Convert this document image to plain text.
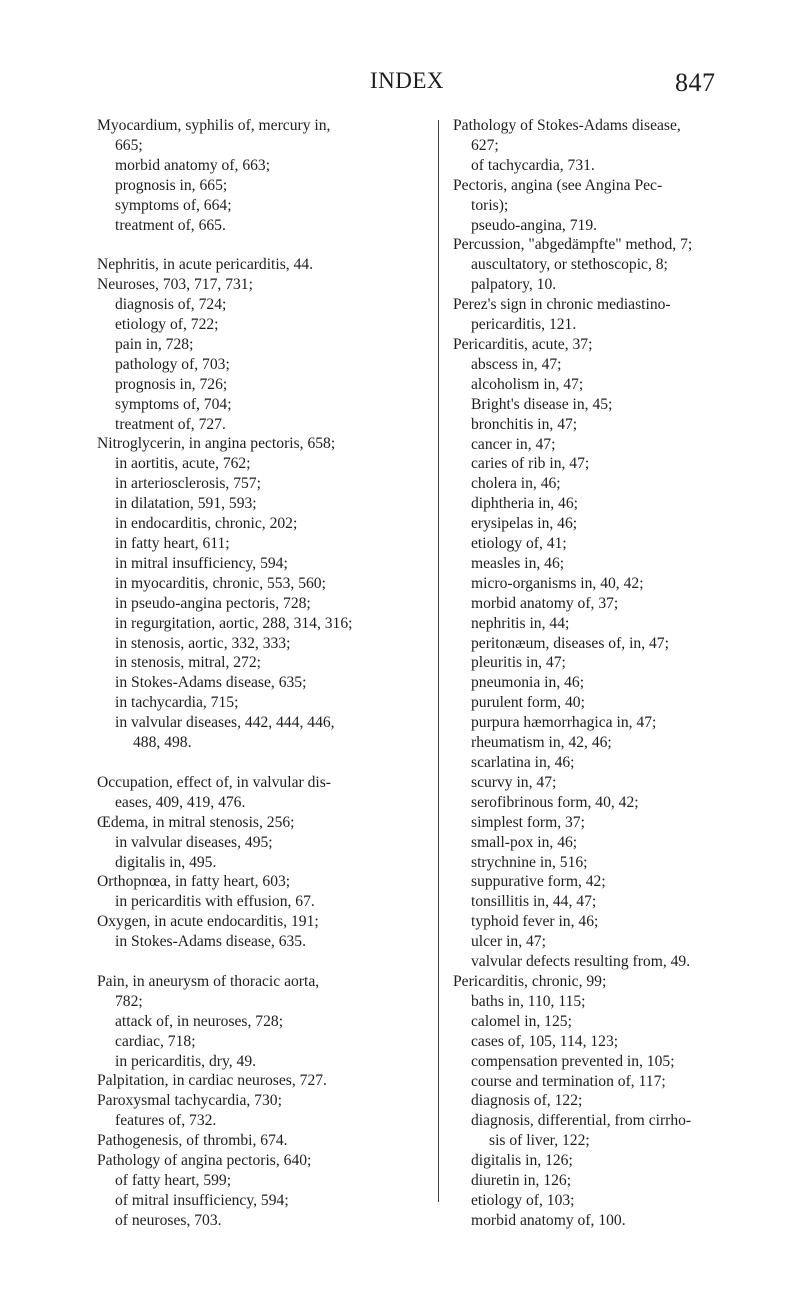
INDEX	847
Myocardium, syphilis of, mercury in,
665;
morbid anatomy of, 663;
prognosis in, 665;
symptoms of, 664;
treatment of, 665.
Nephritis, in acute pericarditis, 44.
Neuroses, 703, 717, 731;
diagnosis of, 724;
etiology of, 722;
pain in, 728;
pathology of, 703;
prognosis in, 726;
symptoms of, 704;
treatment of, 727.
Nitroglycerin, in angina pectoris, 658;
in aortitis, acute, 762;
in arteriosclerosis, 757;
in dilatation, 591, 593;
in endocarditis, chronic, 202;
in fatty heart, 611;
in mitral insufficiency, 594;
in myocarditis, chronic, 553, 560;
in pseudo-angina pectoris, 728;
in regurgitation, aortic, 288, 314, 316;
in stenosis, aortic, 332, 333;
in stenosis, mitral, 272;
in Stokes-Adams disease, 635;
in tachycardia, 715;
in valvular diseases, 442, 444, 446,
488, 498.
Occupation, effect of, in valvular dis-
eases, 409, 419, 476.
Œdema, in mitral stenosis, 256;
in valvular diseases, 495;
digitalis in, 495.
Orthopnœa, in fatty heart, 603;
in pericarditis with effusion, 67.
Oxygen, in acute endocarditis, 191;
in Stokes-Adams disease, 635.
Pain, in aneurysm of thoracic aorta,
782;
attack of, in neuroses, 728;
cardiac, 718;
in pericarditis, dry, 49.
Palpitation, in cardiac neuroses, 727.
Paroxysmal tachycardia, 730;
features of, 732.
Pathogenesis, of thrombi, 674.
Pathology of angina pectoris, 640;
of fatty heart, 599;
of mitral insufficiency, 594;
of neuroses, 703.
Pathology of Stokes-Adams disease,
627;
of tachycardia, 731.
Pectoris, angina (see Angina Pec-
toris);
pseudo-angina, 719.
Percussion, "abgedämpfte" method, 7;
auscultatory, or stethoscopic, 8;
palpatory, 10.
Perez's sign in chronic mediastino-
pericarditis, 121.
Pericarditis, acute, 37;
abscess in, 47;
alcoholism in, 47;
Bright's disease in, 45;
bronchitis in, 47;
cancer in, 47;
caries of rib in, 47;
cholera in, 46;
diphtheria in, 46;
erysipelas in, 46;
etiology of, 41;
measles in, 46;
micro-organisms in, 40, 42;
morbid anatomy of, 37;
nephritis in, 44;
peritonæum, diseases of, in, 47;
pleuritis in, 47;
pneumonia in, 46;
purulent form, 40;
purpura hæmorrhagica in, 47;
rheumatism in, 42, 46;
scarlatina in, 46;
scurvy in, 47;
serofibrinous form, 40, 42;
simplest form, 37;
small-pox in, 46;
strychnine in, 516;
suppurative form, 42;
tonsillitis in, 44, 47;
typhoid fever in, 46;
ulcer in, 47;
valvular defects resulting from, 49.
Pericarditis, chronic, 99;
baths in, 110, 115;
calomel in, 125;
cases of, 105, 114, 123;
compensation prevented in, 105;
course and termination of, 117;
diagnosis of, 122;
diagnosis, differential, from cirrho-
sis of liver, 122;
digitalis in, 126;
diuretin in, 126;
etiology of, 103;
morbid anatomy of, 100.
